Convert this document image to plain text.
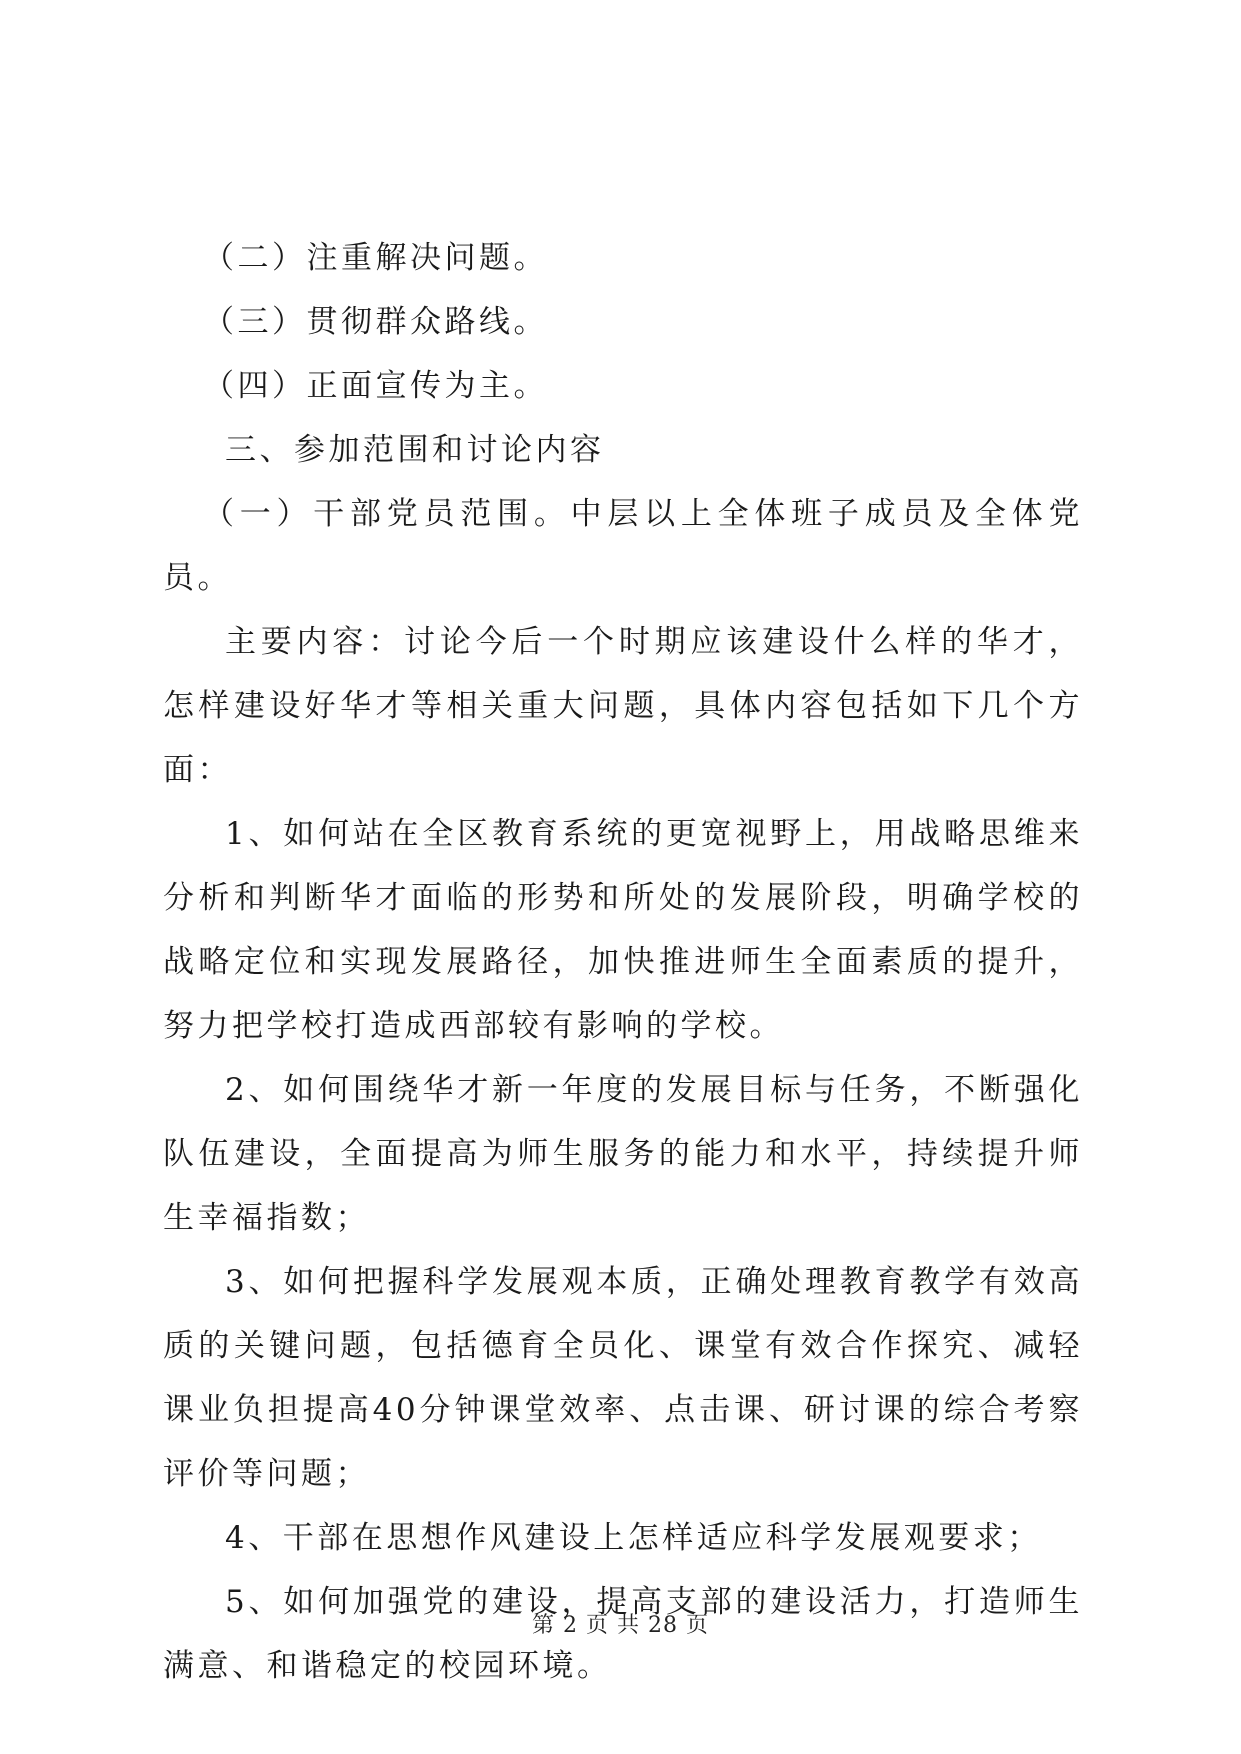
（二）注重解决问题。

（三）贯彻群众路线。

（四）正面宣传为主。

三、参加范围和讨论内容

（一）干部党员范围。中层以上全体班子成员及全体党员。

主要内容：讨论今后一个时期应该建设什么样的华才，怎样建设好华才等相关重大问题，具体内容包括如下几个方面：

1、如何站在全区教育系统的更宽视野上，用战略思维来分析和判断华才面临的形势和所处的发展阶段，明确学校的战略定位和实现发展路径，加快推进师生全面素质的提升，努力把学校打造成西部较有影响的学校。

2、如何围绕华才新一年度的发展目标与任务，不断强化队伍建设，全面提高为师生服务的能力和水平，持续提升师生幸福指数；

3、如何把握科学发展观本质，正确处理教育教学有效高质的关键问题，包括德育全员化、课堂有效合作探究、减轻课业负担提高40分钟课堂效率、点击课、研讨课的综合考察评价等问题；

4、干部在思想作风建设上怎样适应科学发展观要求；

5、如何加强党的建设，提高支部的建设活力，打造师生满意、和谐稳定的校园环境。

第 2 页 共 28 页
